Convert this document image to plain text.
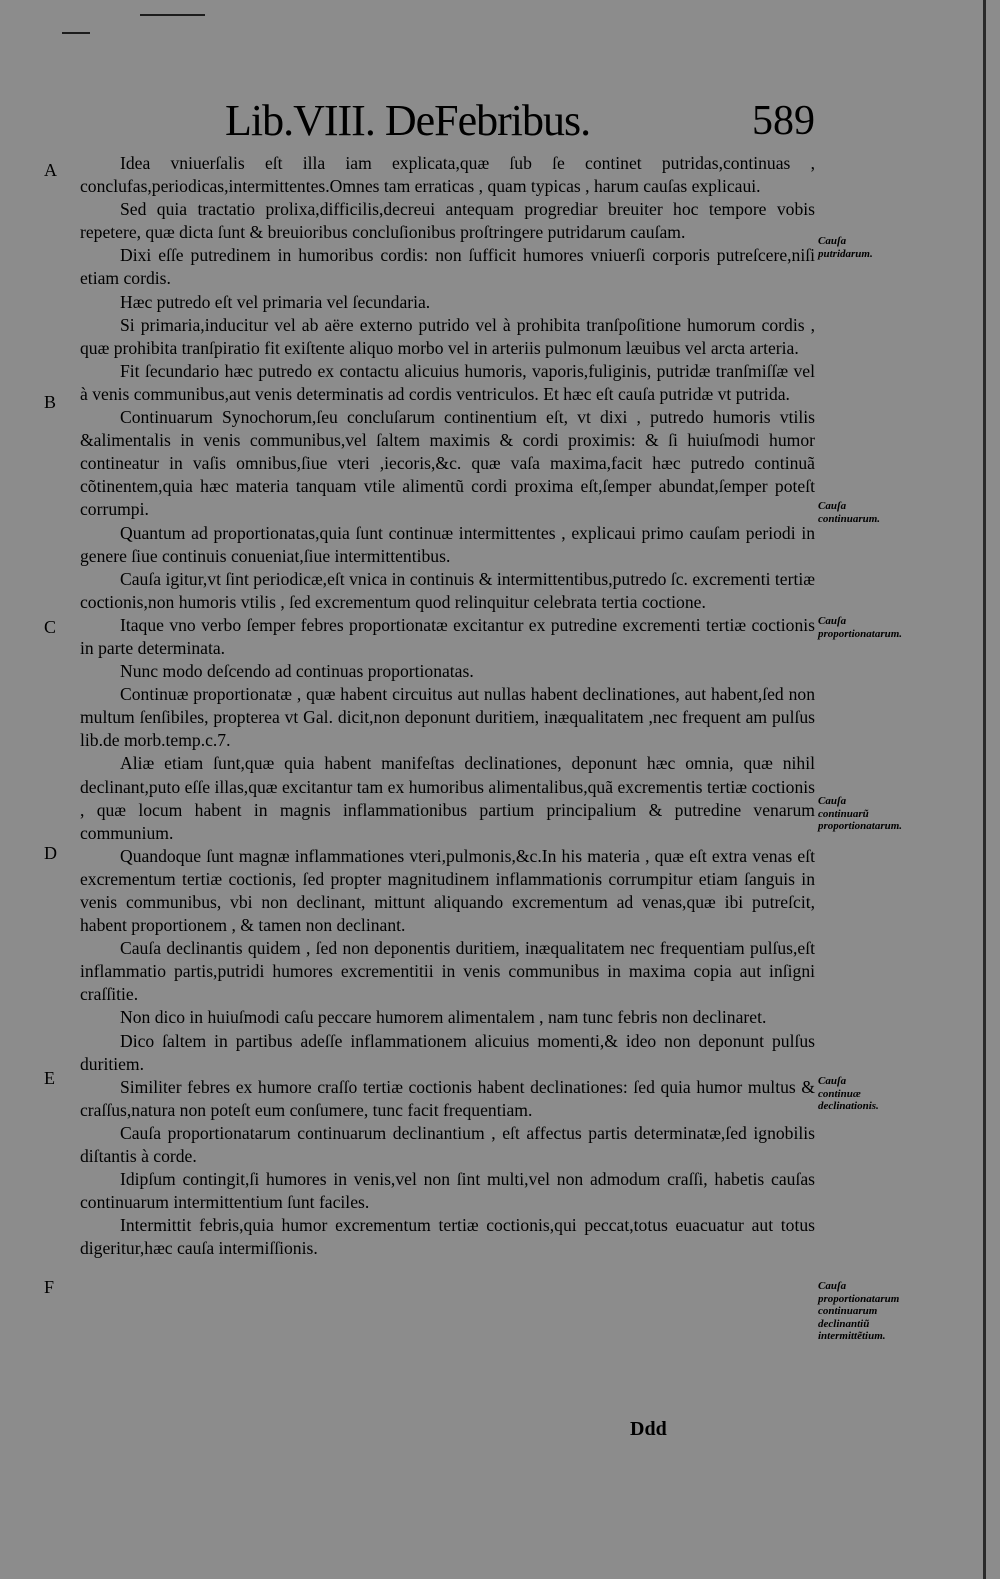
Lib.VIII. DeFebribus.	589
A
B
C
D
E
F

Idea vniuerſalis eſt illa iam explicata,quæ ſub ſe continet putridas,continuas , conclufas,periodicas,intermittentes.Omnes tam erraticas , quam typicas , harum cauſas explicaui.

Sed quia tractatio prolixa,difficilis,decreui antequam progrediar breuiter hoc tempore vobis repetere, quæ dicta ſunt & breuioribus concluſionibus proſtringere putridarum cauſam.

Dixi eſſe putredinem in humoribus cordis: non ſufficit humores vniuerſi corporis putreſcere,niſi etiam cordis.

Hæc putredo eſt vel primaria vel ſecundaria.

Si primaria,inducitur vel ab aëre externo putrido vel à prohibita tranſpoſitione humorum cordis , quæ prohibita tranſpiratio fit exiſtente aliquo morbo vel in arteriis pulmonum læuibus vel arcta arteria.

Fit ſecundario hæc putredo ex contactu alicuius humoris, vaporis,fuliginis, putridæ tranſmiſſæ vel à venis communibus,aut venis determinatis ad cordis ventriculos. Et hæc eſt cauſa putridæ vt putrida.

Continuarum Synochorum,ſeu concluſarum continentium eſt, vt dixi , putredo humoris vtilis &alimentalis in venis communibus,vel ſaltem maximis & cordi proximis: & ſi huiuſmodi humor contineatur in vaſis omnibus,ſiue vteri ,iecoris,&c. quæ vaſa maxima,facit hæc putredo continuã cõtinentem,quia hæc materia tanquam vtile alimentũ cordi proxima eſt,ſemper abundat,ſemper poteſt corrumpi.

Quantum ad proportionatas,quia ſunt continuæ intermittentes , explicaui primo cauſam periodi in genere ſiue continuis conueniat,ſiue intermittentibus.

Cauſa igitur,vt ſint periodicæ,eſt vnica in continuis & intermittentibus,putredo ſc. excrementi tertiæ coctionis,non humoris vtilis , ſed excrementum quod relinquitur celebrata tertia coctione.

Itaque vno verbo ſemper febres proportionatæ excitantur ex putredine excrementi tertiæ coctionis in parte determinata.

Nunc modo deſcendo ad continuas proportionatas.

Continuæ proportionatæ , quæ habent circuitus aut nullas habent declinationes, aut habent,ſed non multum ſenſibiles, propterea vt Gal. dicit,non deponunt duritiem, inæqualitatem ,nec frequent am pulſus lib.de morb.temp.c.7.

Aliæ etiam ſunt,quæ quia habent manifeſtas declinationes, deponunt hæc omnia, quæ nihil declinant,puto eſſe illas,quæ excitantur tam ex humoribus alimentalibus,quã excrementis tertiæ coctionis , quæ locum habent in magnis inflammationibus partium principalium & putredine venarum communium.

Quandoque ſunt magnæ inflammationes vteri,pulmonis,&c.In his materia , quæ eſt extra venas eſt excrementum tertiæ coctionis, ſed propter magnitudinem inflammationis corrumpitur etiam ſanguis in venis communibus, vbi non declinant, mittunt aliquando excrementum ad venas,quæ ibi putreſcit, habent proportionem , & tamen non declinant.

Cauſa declinantis quidem , ſed non deponentis duritiem, inæqualitatem nec frequentiam pulſus,eſt inflammatio partis,putridi humores excrementitii in venis communibus in maxima copia aut inſigni craſſitie.

Non dico in huiuſmodi caſu peccare humorem alimentalem , nam tunc febris non declinaret.

Dico ſaltem in partibus adeſſe inflammationem alicuius momenti,& ideo non deponunt pulſus duritiem.

Similiter febres ex humore craſſo tertiæ coctionis habent declinationes: ſed quia humor multus & craſſus,natura non poteſt eum conſumere, tunc facit frequentiam.

Cauſa proportionatarum continuarum declinantium , eſt affectus partis determinatæ,ſed ignobilis diſtantis à corde.

Idipſum contingit,ſi humores in venis,vel non ſint multi,vel non admodum craſſi, habetis cauſas continuarum intermittentium ſunt faciles.

Intermittit febris,quia humor excrementum tertiæ coctionis,qui peccat,totus euacuatur aut totus digeritur,hæc cauſa intermiſſionis.

Cauſa putridarum.
Cauſa continuarum.
Cauſa proportionatarum.
Cauſa continuarũ proportionatarum.
Cauſa continuæ declinationis.
Cauſa proportionatarum continuarum declinantiũ intermittẽtium.
Ddd
